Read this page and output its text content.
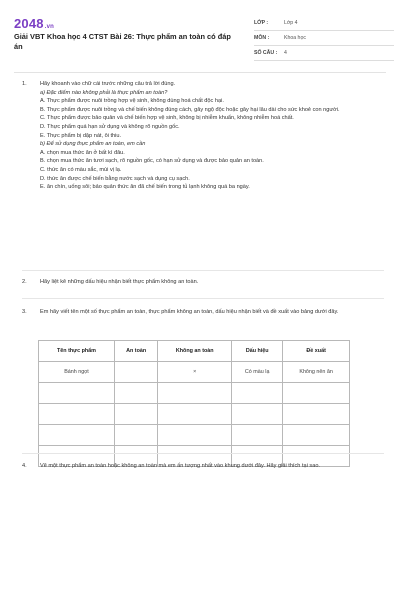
2048.vn
Giải VBT Khoa học 4 CTST Bài 26: Thực phẩm an toàn có đáp án
LỚP :	Lớp 4
MÔN :	Khoa học
SỐ CÂU :	4
1. Hãy khoanh vào chữ cái trước những câu trả lời đúng.
a) Đặc điểm nào không phải là thực phẩm an toàn?
A. Thực phẩm được nuôi trồng hợp vệ sinh, không dùng hoá chất độc hại.
B. Thực phẩm được nuôi trồng và chế biến không đúng cách, gây ngộ độc hoặc gây hại lâu dài cho sức khoẻ con người.
C. Thực phẩm được bảo quản và chế biến hợp vệ sinh, không bị nhiễm khuẩn, không nhiễm hoá chất.
D. Thực phẩm quá hạn sử dụng và không rõ nguồn gốc.
E. Thực phẩm bị dập nát, ôi thiu.
b) Để sử dụng thực phẩm an toàn, em cần
A. chọn mua thức ăn ở bất kì đâu.
B. chọn mua thức ăn tươi sạch, rõ nguồn gốc, có hạn sử dụng và được bảo quản an toàn.
C. thức ăn có màu sắc, mùi vị lạ.
D. thức ăn được chế biến bằng nước sạch và dụng cụ sạch.
E. ăn chín, uống sôi; bảo quản thức ăn đã chế biến trong tủ lạnh không quá ba ngày.
2. Hãy liệt kê những dấu hiệu nhận biết thực phẩm không an toàn.
3. Em hãy viết tên một số thực phẩm an toàn, thực phẩm không an toàn, dấu hiệu nhận biết và đề xuất vào bảng dưới đây.
Tên thực phẩm	An toàn	Không an toàn	Dấu hiệu	Đề xuất
Bánh ngọt		×	Có màu lạ	Không nên ăn

4. Vẽ một thực phẩm an toàn hoặc không an toàn mà em ấn tượng nhất vào khung dưới đây. Hãy giải thích tại sao.
